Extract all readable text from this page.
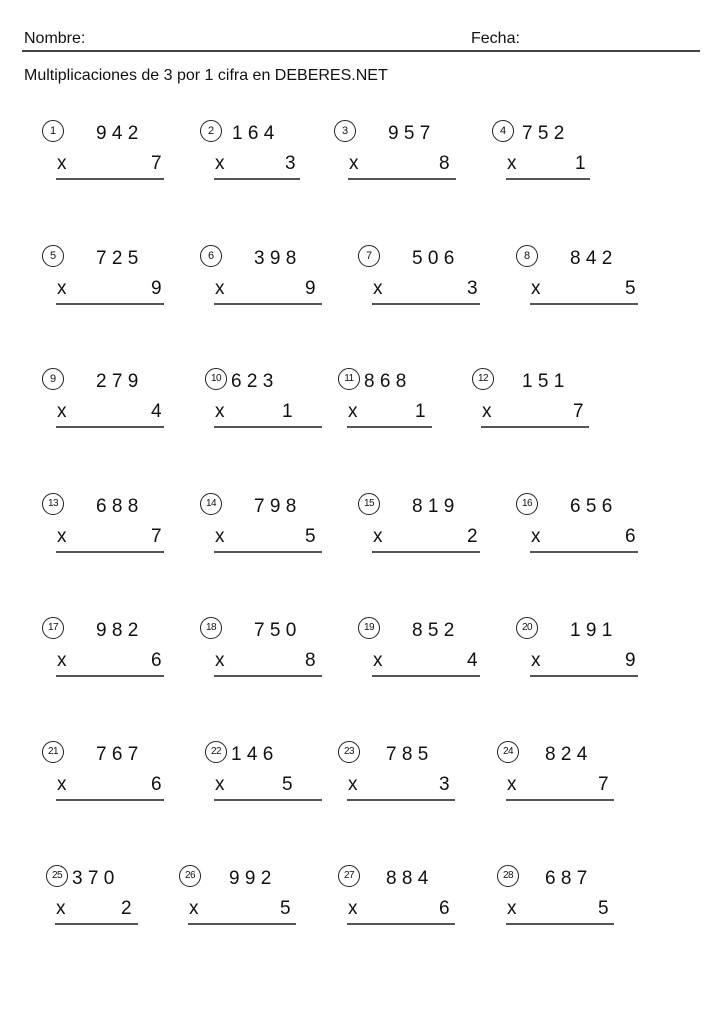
Nombre:	Fecha:
Multiplicaciones de 3 por 1 cifra en DEBERES.NET
1	9 4 2
x	7
2 1 6 4
x	3
3	9 5 7
x	8
4 7 5 2
x	1
5	7 2 5
x	9
6	3 9 8
x	9
7	5 0 6
x	3
8	8 4 2
x	5
9	2 7 9
x	4
10 6 2 3
x	1
11 8 6 8
x	1
12	1 5 1
x	7
13	6 8 8
x	7
14	7 9 8
x	5
15	8 1 9
x	2
16	6 5 6
x	6
17	9 8 2
x	6
18	7 5 0
x	8
19	8 5 2
x	4
20	1 9 1
x	9
21	7 6 7
x	6
22 1 4 6
x	5
23	7 8 5
x	3
24	8 2 4
x	7
25 3 7 0
x	2
26	9 9 2
x	5
27	8 8 4
x	6
28	6 8 7
x	5
